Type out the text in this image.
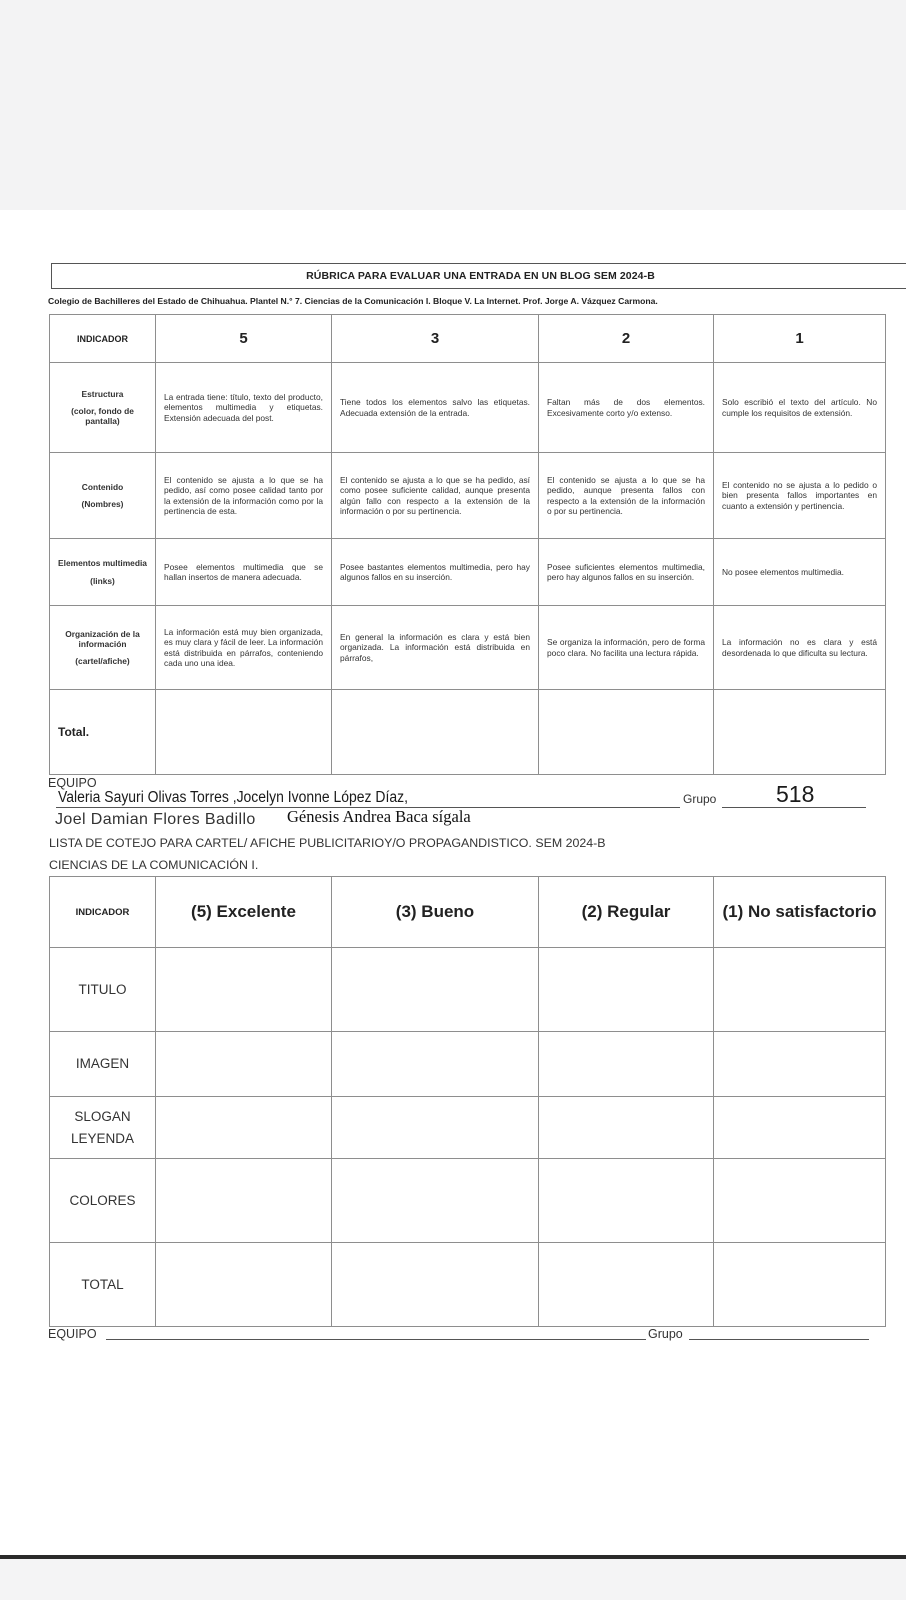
RÚBRICA PARA EVALUAR UNA ENTRADA EN UN BLOG SEM 2024-B
Colegio de Bachilleres del Estado de Chihuahua. Plantel N.° 7. Ciencias de la Comunicación I. Bloque V. La Internet. Prof. Jorge A. Vázquez Carmona.
INDICADOR	5	3	2	1
Estructura
(color, fondo de pantalla)	La entrada tiene: título, texto del producto, elementos multimedia y etiquetas. Extensión adecuada del post.	Tiene todos los elementos salvo las etiquetas. Adecuada extensión de la entrada.	Faltan más de dos elementos. Excesivamente corto y/o extenso.	Solo escribió el texto del artículo. No cumple los requisitos de extensión.
Contenido
(Nombres)	El contenido se ajusta a lo que se ha pedido, así como posee calidad tanto por la extensión de la información como por la pertinencia de esta.	El contenido se ajusta a lo que se ha pedido, así como posee suficiente calidad, aunque presenta algún fallo con respecto a la extensión de la información o por su pertinencia.	El contenido se ajusta a lo que se ha pedido, aunque presenta fallos con respecto a la extensión de la información o por su pertinencia.	El contenido no se ajusta a lo pedido o bien presenta fallos importantes en cuanto a extensión y pertinencia.
Elementos multimedia
(links)	Posee elementos multimedia que se hallan insertos de manera adecuada.	Posee bastantes elementos multimedia, pero hay algunos fallos en su inserción.	Posee suficientes elementos multimedia, pero hay algunos fallos en su inserción.	No posee elementos multimedia.
Organización de la información
(cartel/afiche)	La información está muy bien organizada, es muy clara y fácil de leer. La información está distribuida en párrafos, conteniendo cada uno una idea.	En general la información es clara y está bien organizada. La información está distribuida en párrafos,	Se organiza la información, pero de forma poco clara. No facilita una lectura rápida.	La información no es clara y está desordenada lo que dificulta su lectura.
Total.				
EQUIPO
Valeria Sayuri Olivas Torres ,Jocelyn Ivonne López Díaz,	Grupo	518
Joel Damian Flores Badillo Génesis Andrea Baca sígala
LISTA DE COTEJO PARA CARTEL/ AFICHE PUBLICITARIOY/O PROPAGANDISTICO. SEM 2024-B
CIENCIAS DE LA COMUNICACIÓN I.
INDICADOR	(5) Excelente	(3) Bueno	(2) Regular	(1) No satisfactorio
TITULO				
IMAGEN				
SLOGAN LEYENDA				
COLORES				
TOTAL				
EQUIPO	Grupo
